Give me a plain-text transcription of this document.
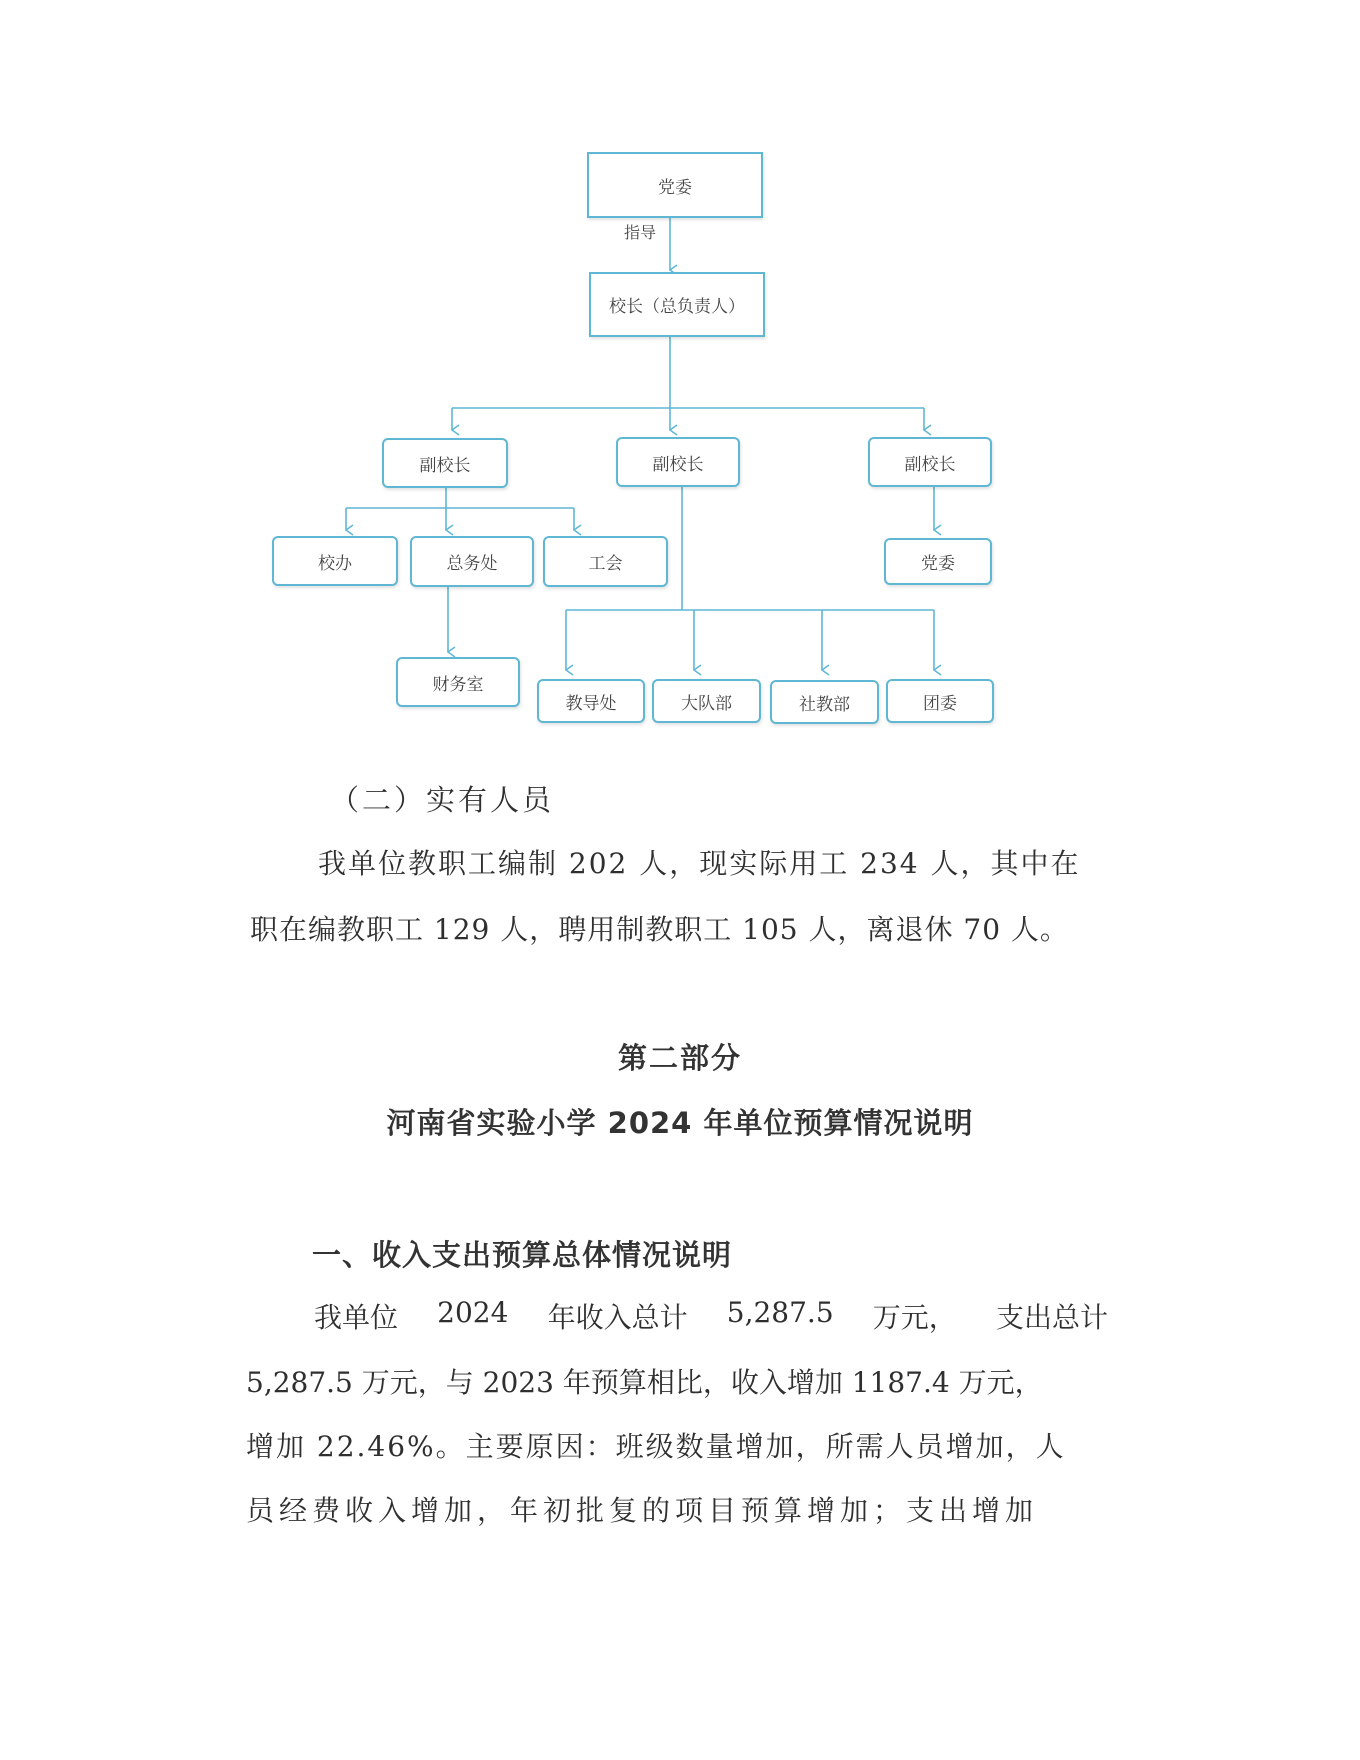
党委
指导
校长（总负责人）
副校长	副校长	副校长
校办	总务处	工会	党委
财务室
教导处	大队部	社教部	团委
（二）实有人员
我单位教职工编制 202 人，现实际用工 234 人，其中在
职在编教职工 129 人，聘用制教职工 105 人，离退休 70 人。
第二部分
河南省实验小学 2024 年单位预算情况说明
一、收入支出预算总体情况说明
我单位 2024 年收入总计 5,287.5 万元， 支出总计
5,287.5 万元，与 2023 年预算相比，收入增加 1187.4 万元，
增加 22.46%。主要原因：班级数量增加，所需人员增加，人
员经费收入增加，年初批复的项目预算增加；支出增加
